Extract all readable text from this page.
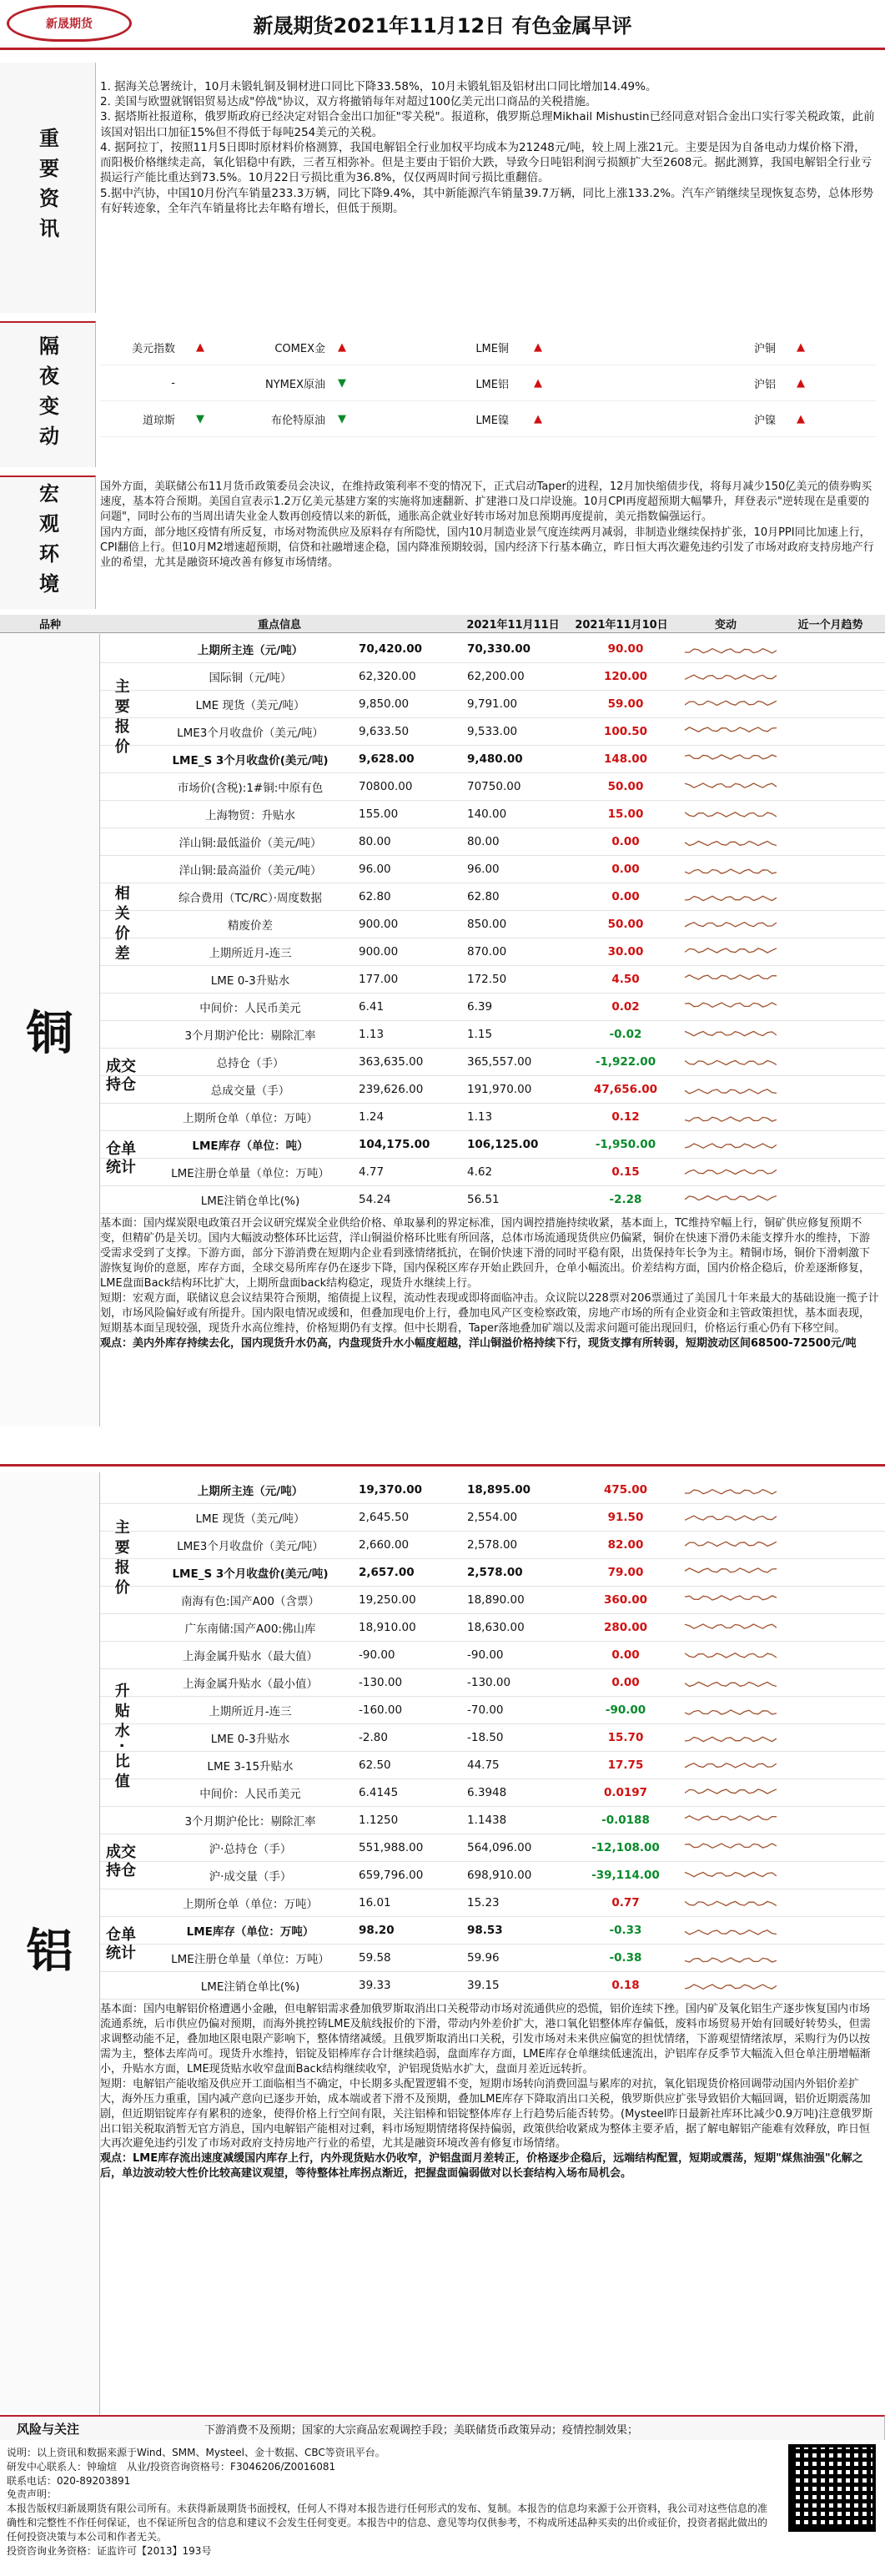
新晟期货	新晟期货2021年11月12日 有色金属早评
重要资讯

1. 据海关总署统计，10月未锻轧铜及铜材进口同比下降33.58%，10月未锻轧铝及铝材出口同比增加14.49%。

2. 美国与欧盟就钢铝贸易达成"停战"协议，双方将撤销每年对超过100亿美元出口商品的关税措施。

3. 据塔斯社报道称，俄罗斯政府已经决定对铝合金出口加征"零关税"。报道称，俄罗斯总理Mikhail Mishustin已经同意对铝合金出口实行零关税政策，此前该国对铝出口加征15%但不得低于每吨254美元的关税。

4. 据阿拉丁，按照11月5日即时原材料价格测算，我国电解铝全行业加权平均成本为21248元/吨，较上周上涨21元。主要是因为自备电动力煤价格下滑，而阳极价格继续走高，氧化铝稳中有跌，三者互相弥补。但是主要由于铝价大跌，导致今日吨铝利润亏损额扩大至2608元。据此测算，我国电解铝全行业亏损运行产能比重达到73.5%。10月22日亏损比重为36.8%，仅仅两周时间亏损比重翻倍。

5.据中汽协，中国10月份汽车销量233.3万辆，同比下降9.4%，其中新能源汽车销量39.7万辆，同比上涨133.2%。汽车产销继续呈现恢复态势，总体形势有好转迹象，全年汽车销量将比去年略有增长，但低于预期。

隔夜变动	美元指数	▲	COMEX金	▲	LME铜	▲	沪铜	▲
-	NYMEX原油	▼	LME铝	▲	沪铝	▲
道琼斯	▼	布伦特原油	▼	LME镍	▲	沪镍	▲
宏观环境	国外方面，美联储公布11月货币政策委员会决议，在维持政策利率不变的情况下，正式启动Taper的进程，12月加快缩债步伐，将每月减少150亿美元的债券购买速度，基本符合预期。美国自宣表示1.2万亿美元基建方案的实施将加速翻新、扩建港口及口岸设施。10月CPI再度超预期大幅攀升，拜登表示"逆转现在是重要的问题"，同时公布的当周出请失业金人数再创疫情以来的新低，通胀高企就业好转市场对加息预期再度提前，美元指数偏强运行。

国内方面，部分地区疫情有所反复，市场对物流供应及原料存有所隐忧，国内10月制造业景气度连续两月减弱，非制造业继续保持扩张，10月PPI同比加速上行，CPI翻倍上行。但10月M2增速超预期，信贷和社融增速企稳，国内降准预期较弱，国内经济下行基本确立，昨日恒大再次避免违约引发了市场对政府支持房地产行业的希望，尤其是融资环境改善有修复市场情绪。

品种	重点信息	2021年11月11日	2021年11月10日	变动	近一个月趋势
上期所主连（元/吨）	70,420.00	70,330.00	90.00
国际铜（元/吨）	62,320.00	62,200.00	120.00
LME 现货（美元/吨）	9,850.00	9,791.00	59.00
LME3个月收盘价（美元/吨）	9,633.50	9,533.00	100.50
LME_S 3个月收盘价(美元/吨)	9,628.00	9,480.00	148.00
市场价(含税):1#铜:中原有色	70800.00	70750.00	50.00
上海物贸：升贴水	155.00	140.00	15.00
洋山铜:最低溢价（美元/吨）	80.00	80.00	0.00
洋山铜:最高溢价（美元/吨）	96.00	96.00	0.00
综合费用（TC/RC）·周度数据	62.80	62.80	0.00
精废价差	900.00	850.00	50.00
上期所近月-连三	900.00	870.00	30.00
LME 0-3升贴水	177.00	172.50	4.50
中间价：人民币美元	6.41	6.39	0.02
3个月期沪伦比：剔除汇率	1.13	1.15	-0.02
总持仓（手）	363,635.00	365,557.00	-1,922.00
总成交量（手）	239,626.00	191,970.00	47,656.00
上期所仓单（单位：万吨）	1.24	1.13	0.12
LME库存（单位：吨）	104,175.00	106,125.00	-1,950.00
LME注册仓单量（单位：万吨）	4.77	4.62	0.15
LME注销仓单比(%)	54.24	56.51	-2.28
主要报价
相关价差
成交持仓
仓单统计
铜

基本面：国内煤炭限电政策召开会议研究煤炭全业供给价格、单取暴利的界定标准，国内调控措施持续收紧，基本面上，TC维持窄幅上行，铜矿供应修复预期不变，但精矿仍是关切。国内大幅波动整体环比运营，洋山铜溢价格环比账有所回落，总体市场流通现货供应仍偏紧，铜价在快速下滑仍未能支撑升水的维持，下游受需求受到了支撑。下游方面，部分下游消费在短期内企业看到涨情绪抵抗，在铜价快速下滑的同时平稳有限，出货保持年长争为主。精铜市场，铜价下滑刺激下游恢复询价的意愿，库存方面，全球交易所库存仍在逐步下降，国内保税区库存开始止跌回升，仓单小幅流出。价差结构方面，国内价格企稳后，价差逐渐修复，LME盘面Back结构环比扩大，上期所盘面back结构稳定，现货升水继续上行。

短期：宏观方面，联储议息会议结果符合预期，缩债提上议程，流动性表现或即将面临冲击。众议院以228票对206票通过了美国几十年来最大的基础设施一揽子计划，市场风险偏好或有所提升。国内限电情况或缓和，但叠加现电价上行，叠加电风产区变检察政策，房地产市场的所有企业资金和主管政策担忧，基本面表现，短期基本面呈现较强，现货升水高位维持，价格短期仍有支撑。但中长期看，Taper落地叠加矿端以及需求问题可能出现回归，价格运行重心仍有下移空间。

观点：美内外库存持续去化，国内现货升水仍高，内盘现货升水小幅度超越，洋山铜溢价格持续下行，现货支撑有所转弱，短期波动区间68500-72500元/吨

上期所主连（元/吨）	19,370.00	18,895.00	475.00
LME 现货（美元/吨）	2,645.50	2,554.00	91.50
LME3个月收盘价（美元/吨）	2,660.00	2,578.00	82.00
LME_S 3个月收盘价(美元/吨)	2,657.00	2,578.00	79.00
南海有色:国产A00（含票）	19,250.00	18,890.00	360.00
广东南储:国产A00:佛山库	18,910.00	18,630.00	280.00
上海金属升贴水（最大值）	-90.00	-90.00	0.00
上海金属升贴水（最小值）	-130.00	-130.00	0.00
上期所近月-连三	-160.00	-70.00	-90.00
LME 0-3升贴水	-2.80	-18.50	15.70
LME 3-15升贴水	62.50	44.75	17.75
中间价：人民币美元	6.4145	6.3948	0.0197
3个月期沪伦比：剔除汇率	1.1250	1.1438	-0.0188
沪·总持仓（手）	551,988.00	564,096.00	-12,108.00
沪·成交量（手）	659,796.00	698,910.00	-39,114.00
上期所仓单（单位：万吨）	16.01	15.23	0.77
LME库存（单位：万吨）	98.20	98.53	-0.33
LME注册仓单量（单位：万吨）	59.58	59.96	-0.38
LME注销仓单比(%)	39.33	39.15	0.18
主要报价
升贴水·比值
成交持仓
仓单统计
铝

基本面：国内电解铝价格遭遇小金融，但电解铝需求叠加俄罗斯取消出口关税带动市场对流通供应的恐慌，铝价连续下挫。国内矿及氧化铝生产逐步恢复国内市场流通系统，后市供应仍偏对预期，而海外挑控铸LME及航线报价的下滑，带动内外差价扩大，港口氧化铝整体库存偏低，废料市场贸易开始有回暖好转势头，但需求调整动能不足，叠加地区限电限产影响下，整体情绪减缓。且俄罗斯取消出口关税，引发市场对未来供应偏宽的担忧情绪，下游观望情绪浓厚，采购行为仍以按需为主，整体去库尚可。现货升水维持，铝锭及铝棒库存合计继续趋弱，盘面库存方面，LME库存仓单继续低速流出，沪铝库存反季节大幅流入但仓单注册增幅渐小，升贴水方面，LME现货贴水收窄盘面Back结构继续收窄，沪铝现货贴水扩大，盘面月差近远转折。

短期：电解铝产能收缩及供应开工面临相当不确定，中长期多头配置逻辑不变，短期市场转向消费回温与累库的对抗，氧化铝现货价格回调带动国内外铝价差扩大，海外压力重重，国内减产意向已逐步开始，成本端或者下滑不及预期，叠加LME库存下降取消出口关税，俄罗斯供应扩张导致铝价大幅回调，铝价近期震荡加剧，但近期铝锭库存有累积的迹象，使得价格上行空间有限，关注铝棒和铝锭整体库存上行趋势后能否转势。(Mysteel昨日最新社库环比减少0.9万吨)注意俄罗斯出口铝关税取消暂无官方消息，国内电解铝产能相对过剩，料市场短期情绪将保持偏弱，政策供给收紧成为整体主要矛盾，据了解电解铝产能难有效释放，昨日恒大再次避免违约引发了市场对政府支持房地产行业的希望，尤其是融资环境改善有修复市场情绪。

观点：LME库存流出速度减缓国内库存上行，内外现货贴水仍收窄，沪铝盘面月差转正，价格逐步企稳后，远端结构配置，短期或震荡，短期"煤焦油强"化解之后，单边波动较大性价比较高建议观望，等待整体社库拐点渐近，把握盘面偏弱做对以长套结构入场布局机会。

风险与关注	下游消费不及预期；国家的大宗商品宏观调控手段；美联储货币政策异动；疫情控制效果；

说明：以上资讯和数据来源于Wind、SMM、Mysteel、金十数据、CBC等资讯平台。

研发中心联系人：钟瑜煊　从业/投资咨询资格号：F3046206/Z0016081

联系电话：020-89203891

免责声明：

本报告版权归新晟期货有限公司所有。未获得新晟期货书面授权，任何人不得对本报告进行任何形式的发布、复制。本报告的信息均来源于公开资料，我公司对这些信息的准确性和完整性不作任何保证，也不保证所包含的信息和建议不会发生任何变更。本报告中的信息、意见等均仅供参考，不构成所述品种买卖的出价或征价，投资者据此做出的任何投资决策与本公司和作者无关。

投资咨询业务资格：证监许可【2013】193号
